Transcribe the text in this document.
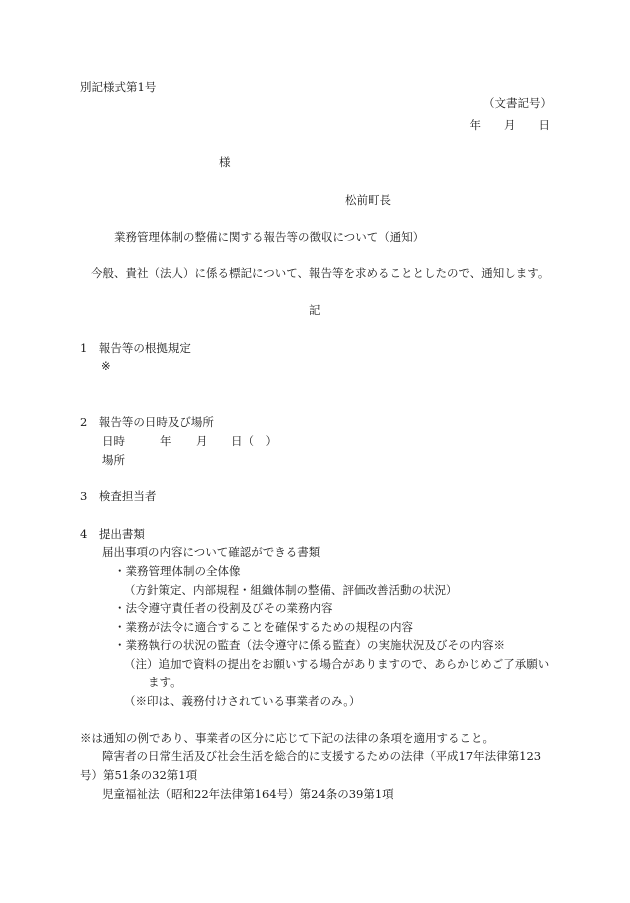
別記様式第1号
（文書記号）
年　　月　　日
様
松前町長
業務管理体制の整備に関する報告等の徴収について（通知）
今般、貴社（法人）に係る標記について、報告等を求めることとしたので、通知します。
記
1　報告等の根拠規定
※
2　報告等の日時及び場所
日時	年 月 日（　）
場所
3　検査担当者
4　提出書類
届出事項の内容について確認ができる書類
・業務管理体制の全体像
（方針策定、内部規程・組織体制の整備、評価改善活動の状況）
・法令遵守責任者の役割及びその業務内容
・業務が法令に適合することを確保するための規程の内容
・業務執行の状況の監査（法令遵守に係る監査）の実施状況及びその内容※
（注）追加で資料の提出をお願いする場合がありますので、あらかじめご了承願い
ます。
（※印は、義務付けされている事業者のみ。）
※は通知の例であり、事業者の区分に応じて下記の法律の条項を適用すること。
障害者の日常生活及び社会生活を総合的に支援するための法律（平成17年法律第123
号）第51条の32第1項
児童福祉法（昭和22年法律第164号）第24条の39第1項
